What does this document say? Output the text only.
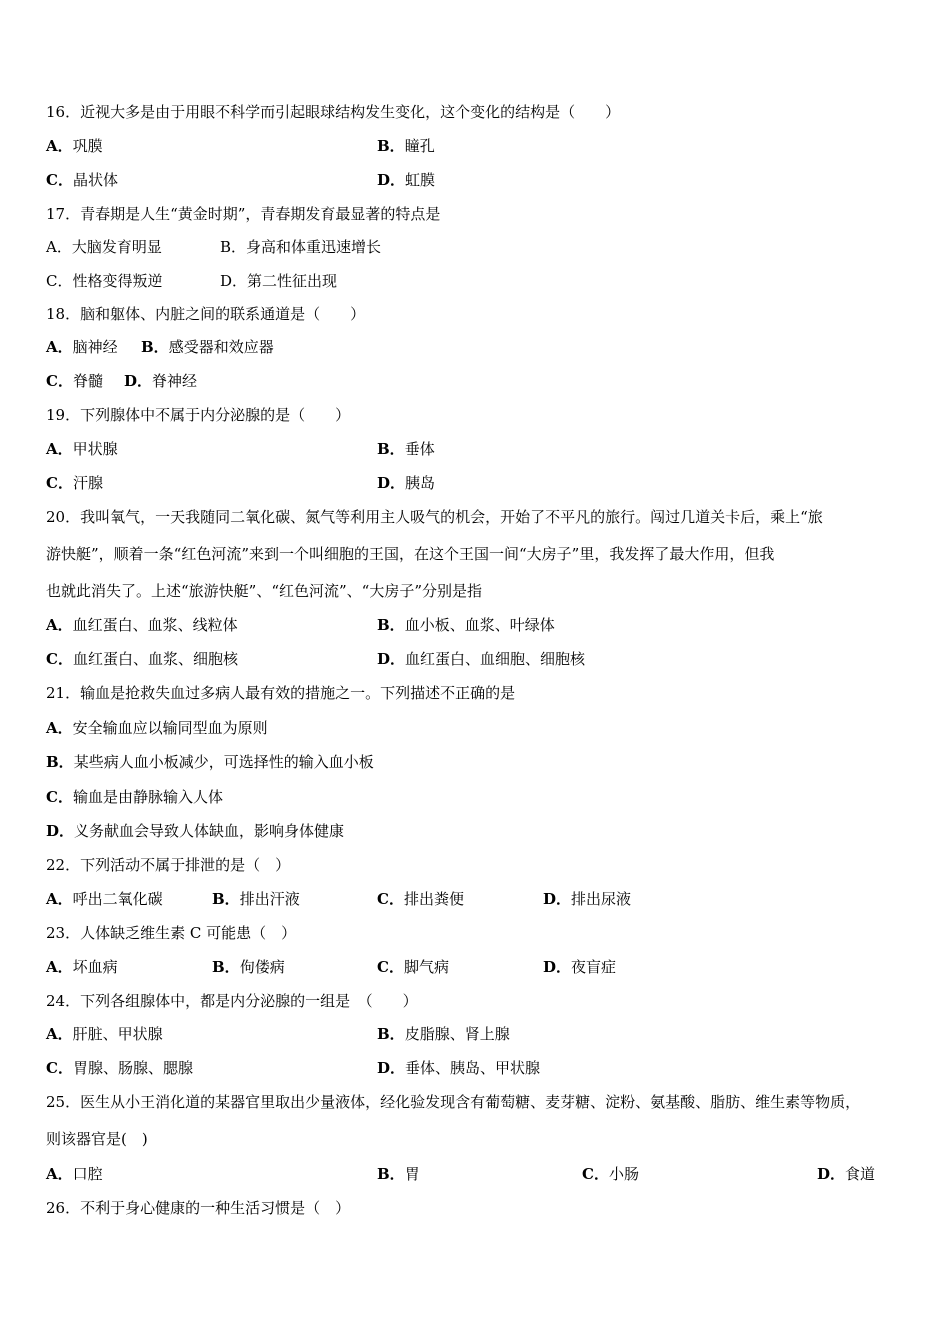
16．近视大多是由于用眼不科学而引起眼球结构发生变化，这个变化的结构是（　　）
A．巩膜	B．瞳孔
C．晶状体	D．虹膜
17．青春期是人生“黄金时期”，青春期发育最显著的特点是
A．大脑发育明显	B．身高和体重迅速增长
C．性格变得叛逆	D．第二性征出现
18．脑和躯体、内脏之间的联系通道是（　　）
A．脑神经 B．感受器和效应器
C．脊髓 D．脊神经
19．下列腺体中不属于内分泌腺的是（　　）
A．甲状腺	B．垂体
C．汗腺	D．胰岛
20．我叫氧气，一天我随同二氧化碳、氮气等利用主人吸气的机会，开始了不平凡的旅行。闯过几道关卡后，乘上“旅
游快艇”，顺着一条“红色河流”来到一个叫细胞的王国，在这个王国一间“大房子”里，我发挥了最大作用，但我
也就此消失了。上述“旅游快艇”、“红色河流”、“大房子”分别是指
A．血红蛋白、血浆、线粒体	B．血小板、血浆、叶绿体
C．血红蛋白、血浆、细胞核	D．血红蛋白、血细胞、细胞核
21．输血是抢救失血过多病人最有效的措施之一。下列描述不正确的是
A．安全输血应以输同型血为原则
B．某些病人血小板减少，可选择性的输入血小板
C．输血是由静脉输入人体
D．义务献血会导致人体缺血，影响身体健康
22．下列活动不属于排泄的是（　）
A．呼出二氧化碳	B．排出汗液	C．排出粪便	D．排出尿液
23．人体缺乏维生素 C 可能患（　）
A．坏血病	B．佝偻病	C．脚气病	D．夜盲症
24．下列各组腺体中，都是内分泌腺的一组是　（　　）
A．肝脏、甲状腺	B．皮脂腺、肾上腺
C．胃腺、肠腺、腮腺	D．垂体、胰岛、甲状腺
25．医生从小王消化道的某器官里取出少量液体，经化验发现含有葡萄糖、麦芽糖、淀粉、氨基酸、脂肪、维生素等物质，
则该器官是(　)
A．口腔	B．胃	C．小肠	D．食道
26．不利于身心健康的一种生活习惯是（　）
